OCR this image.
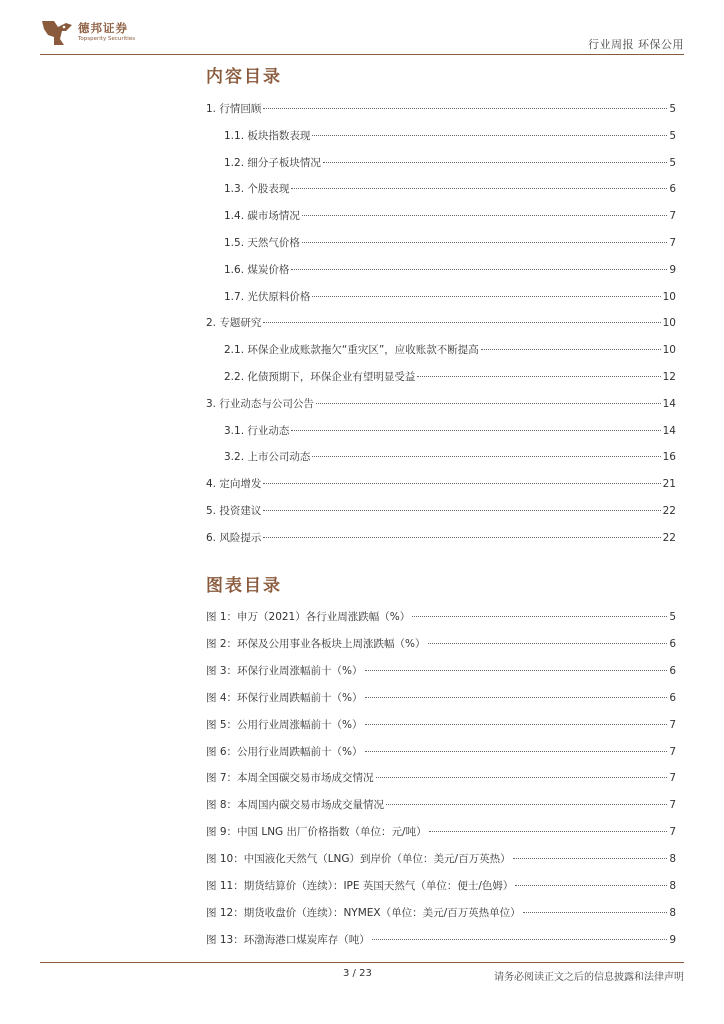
德邦证券
Topsperity Securities	行业周报 环保公用
内容目录
1. 行情回顾	5
1.1. 板块指数表现	5
1.2. 细分子板块情况	5
1.3. 个股表现	6
1.4. 碳市场情况	7
1.5. 天然气价格	7
1.6. 煤炭价格	9
1.7. 光伏原料价格	10
2. 专题研究	10
2.1. 环保企业成账款拖欠“重灾区”，应收账款不断提高	10
2.2. 化债预期下，环保企业有望明显受益	12
3. 行业动态与公司公告	14
3.1. 行业动态	14
3.2. 上市公司动态	16
4. 定向增发	21
5. 投资建议	22
6. 风险提示	22
图表目录
图 1：申万（2021）各行业周涨跌幅（%）	5
图 2：环保及公用事业各板块上周涨跌幅（%）	6
图 3：环保行业周涨幅前十（%）	6
图 4：环保行业周跌幅前十（%）	6
图 5：公用行业周涨幅前十（%）	7
图 6：公用行业周跌幅前十（%）	7
图 7：本周全国碳交易市场成交情况	7
图 8：本周国内碳交易市场成交量情况	7
图 9：中国 LNG 出厂价格指数（单位：元/吨）	7
图 10：中国液化天然气（LNG）到岸价（单位：美元/百万英热）	8
图 11：期货结算价（连续）：IPE 英国天然气（单位：便士/色姆）	8
图 12：期货收盘价（连续）：NYMEX（单位：美元/百万英热单位）	8
图 13：环渤海港口煤炭库存（吨）	9
3 / 23	请务必阅读正文之后的信息披露和法律声明
